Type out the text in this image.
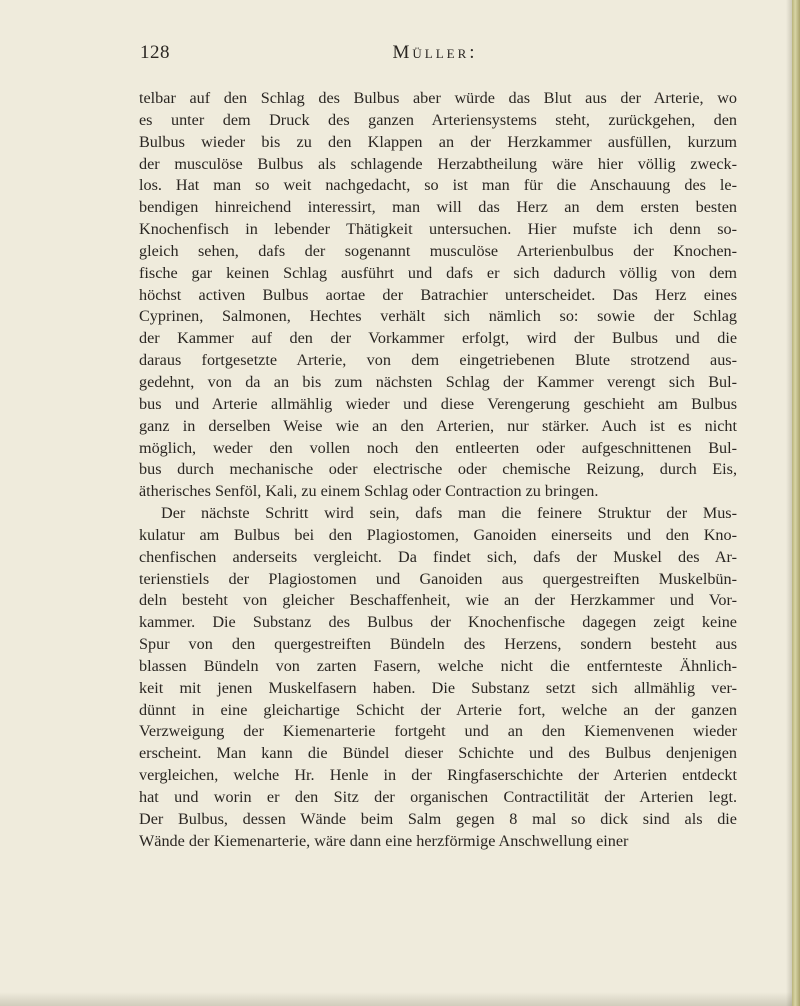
128	Müller:
telbar auf den Schlag des Bulbus aber würde das Blut aus der Arterie, wo
es unter dem Druck des ganzen Arteriensystems steht, zurückgehen, den
Bulbus wieder bis zu den Klappen an der Herzkammer ausfüllen, kurzum
der musculöse Bulbus als schlagende Herzabtheilung wäre hier völlig zweck-
los. Hat man so weit nachgedacht, so ist man für die Anschauung des le-
bendigen hinreichend interessirt, man will das Herz an dem ersten besten
Knochenfisch in lebender Thätigkeit untersuchen. Hier mufste ich denn so-
gleich sehen, dafs der sogenannt musculöse Arterienbulbus der Knochen-
fische gar keinen Schlag ausführt und dafs er sich dadurch völlig von dem
höchst activen Bulbus aortae der Batrachier unterscheidet. Das Herz eines
Cyprinen, Salmonen, Hechtes verhält sich nämlich so: sowie der Schlag
der Kammer auf den der Vorkammer erfolgt, wird der Bulbus und die
daraus fortgesetzte Arterie, von dem eingetriebenen Blute strotzend aus-
gedehnt, von da an bis zum nächsten Schlag der Kammer verengt sich Bul-
bus und Arterie allmählig wieder und diese Verengerung geschieht am Bulbus
ganz in derselben Weise wie an den Arterien, nur stärker. Auch ist es nicht
möglich, weder den vollen noch den entleerten oder aufgeschnittenen Bul-
bus durch mechanische oder electrische oder chemische Reizung, durch Eis,
ätherisches Senföl, Kali, zu einem Schlag oder Contraction zu bringen.
Der nächste Schritt wird sein, dafs man die feinere Struktur der Mus-
kulatur am Bulbus bei den Plagiostomen, Ganoiden einerseits und den Kno-
chenfischen anderseits vergleicht. Da findet sich, dafs der Muskel des Ar-
terienstiels der Plagiostomen und Ganoiden aus quergestreiften Muskelbün-
deln besteht von gleicher Beschaffenheit, wie an der Herzkammer und Vor-
kammer. Die Substanz des Bulbus der Knochenfische dagegen zeigt keine
Spur von den quergestreiften Bündeln des Herzens, sondern besteht aus
blassen Bündeln von zarten Fasern, welche nicht die entfernteste Ähnlich-
keit mit jenen Muskelfasern haben. Die Substanz setzt sich allmählig ver-
dünnt in eine gleichartige Schicht der Arterie fort, welche an der ganzen
Verzweigung der Kiemenarterie fortgeht und an den Kiemenvenen wieder
erscheint. Man kann die Bündel dieser Schichte und des Bulbus denjenigen
vergleichen, welche Hr. Henle in der Ringfaserschichte der Arterien entdeckt
hat und worin er den Sitz der organischen Contractilität der Arterien legt.
Der Bulbus, dessen Wände beim Salm gegen 8 mal so dick sind als die
Wände der Kiemenarterie, wäre dann eine herzförmige Anschwellung einer
